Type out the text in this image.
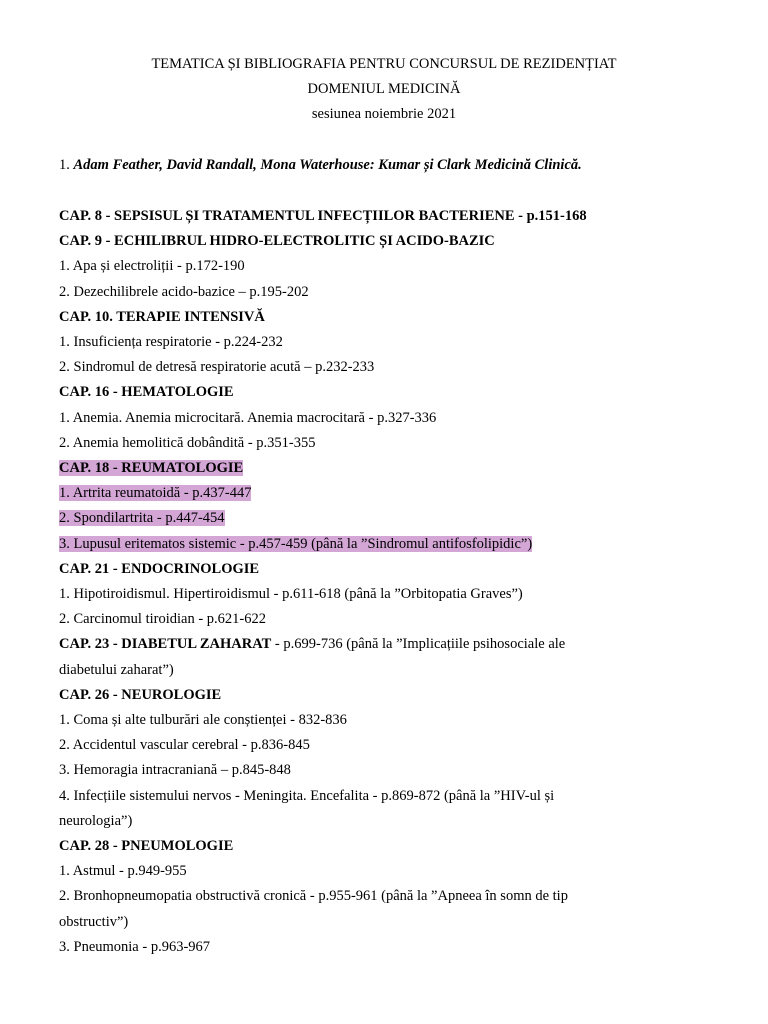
TEMATICA ȘI BIBLIOGRAFIA PENTRU CONCURSUL DE REZIDENȚIAT
DOMENIUL MEDICINĂ
sesiunea noiembrie 2021
1. Adam Feather, David Randall, Mona Waterhouse: Kumar și Clark Medicină Clinică.
CAP. 8 - SEPSISUL ȘI TRATAMENTUL INFECȚIILOR BACTERIENE - p.151-168
CAP. 9 - ECHILIBRUL HIDRO-ELECTROLITIC ȘI ACIDO-BAZIC
1. Apa și electroliții - p.172-190
2. Dezechilibrele acido-bazice – p.195-202
CAP. 10. TERAPIE INTENSIVĂ
1. Insuficiența respiratorie - p.224-232
2. Sindromul de detresă respiratorie acută – p.232-233
CAP. 16 - HEMATOLOGIE
1. Anemia. Anemia microcitară. Anemia macrocitară - p.327-336
2. Anemia hemolitică dobândită - p.351-355
CAP. 18 - REUMATOLOGIE
1. Artrita reumatoidă - p.437-447
2. Spondilartrita - p.447-454
3. Lupusul eritematos sistemic - p.457-459 (până la ”Sindromul antifosfolipidic”)
CAP. 21 - ENDOCRINOLOGIE
1. Hipotiroidismul. Hipertiroidismul - p.611-618 (până la ”Orbitopatia Graves”)
2. Carcinomul tiroidian - p.621-622
CAP. 23 - DIABETUL ZAHARAT - p.699-736 (până la ”Implicațiile psihosociale ale
diabetului zaharat”)
CAP. 26 - NEUROLOGIE
1. Coma și alte tulburări ale conștienței - 832-836
2. Accidentul vascular cerebral - p.836-845
3. Hemoragia intracraniană – p.845-848
4. Infecțiile sistemului nervos - Meningita. Encefalita - p.869-872 (până la ”HIV-ul și
neurologia”)
CAP. 28 - PNEUMOLOGIE
1. Astmul - p.949-955
2. Bronhopneumopatia obstructivă cronică - p.955-961 (până la ”Apneea în somn de tip
obstructiv”)
3. Pneumonia - p.963-967
